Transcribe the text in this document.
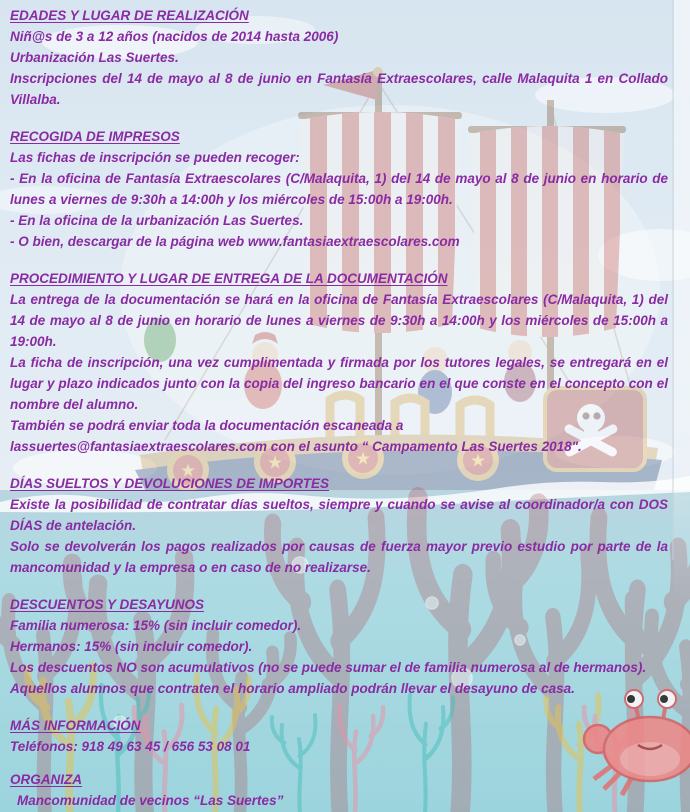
★	★	★	★
EDADES Y LUGAR DE REALIZACIÓN

Niñ@s de 3 a 12 años (nacidos de 2014 hasta 2006)

Urbanización Las Suertes.

Inscripciones del 14 de mayo al 8 de junio en Fantasía Extraescolares, calle Malaquita 1 en Collado Villalba.

RECOGIDA DE IMPRESOS

Las fichas de inscripción se pueden recoger:

- En la oficina de Fantasía Extraescolares (C/Malaquita, 1) del 14 de mayo al 8 de junio en horario de lunes a viernes de 9:30h a 14:00h y los miércoles de 15:00h a 19:00h.

- En la oficina de la urbanización Las Suertes.

- O bien, descargar de la página web www.fantasiaextraescolares.com

PROCEDIMIENTO Y LUGAR DE ENTREGA DE LA DOCUMENTACIÓN

La entrega de la documentación se hará en la oficina de Fantasía Extraescolares (C/Malaquita, 1) del 14 de mayo al 8 de junio en horario de lunes a viernes de 9:30h a 14:00h y los miércoles de 15:00h a 19:00h.

La ficha de inscripción, una vez cumplimentada y firmada por los tutores legales, se entregará en el lugar y plazo indicados junto con la copia del ingreso bancario en el que conste en el concepto con el nombre del alumno.

También se podrá enviar toda la documentación escaneada a

lassuertes@fantasiaextraescolares.com con el asunto “ Campamento Las Suertes 2018".

DÍAS SUELTOS Y DEVOLUCIONES DE IMPORTES

Existe la posibilidad de contratar días sueltos, siempre y cuando se avise al coordinador/a con DOS DÍAS de antelación.

Solo se devolverán los pagos realizados por causas de fuerza mayor previo estudio por parte de la mancomunidad y la empresa o en caso de no realizarse.

DESCUENTOS Y DESAYUNOS

Familia numerosa: 15% (sin incluir comedor).

Hermanos: 15% (sin incluir comedor).

Los descuentos NO son acumulativos (no se puede sumar el de familia numerosa al de hermanos).

Aquellos alumnos que contraten el horario ampliado podrán llevar el desayuno de casa.

MÁS INFORMACIÓN

Teléfonos: 918 49 63 45 / 656 53 08 01

ORGANIZA

Mancomunidad de vecinos “Las Suertes”
